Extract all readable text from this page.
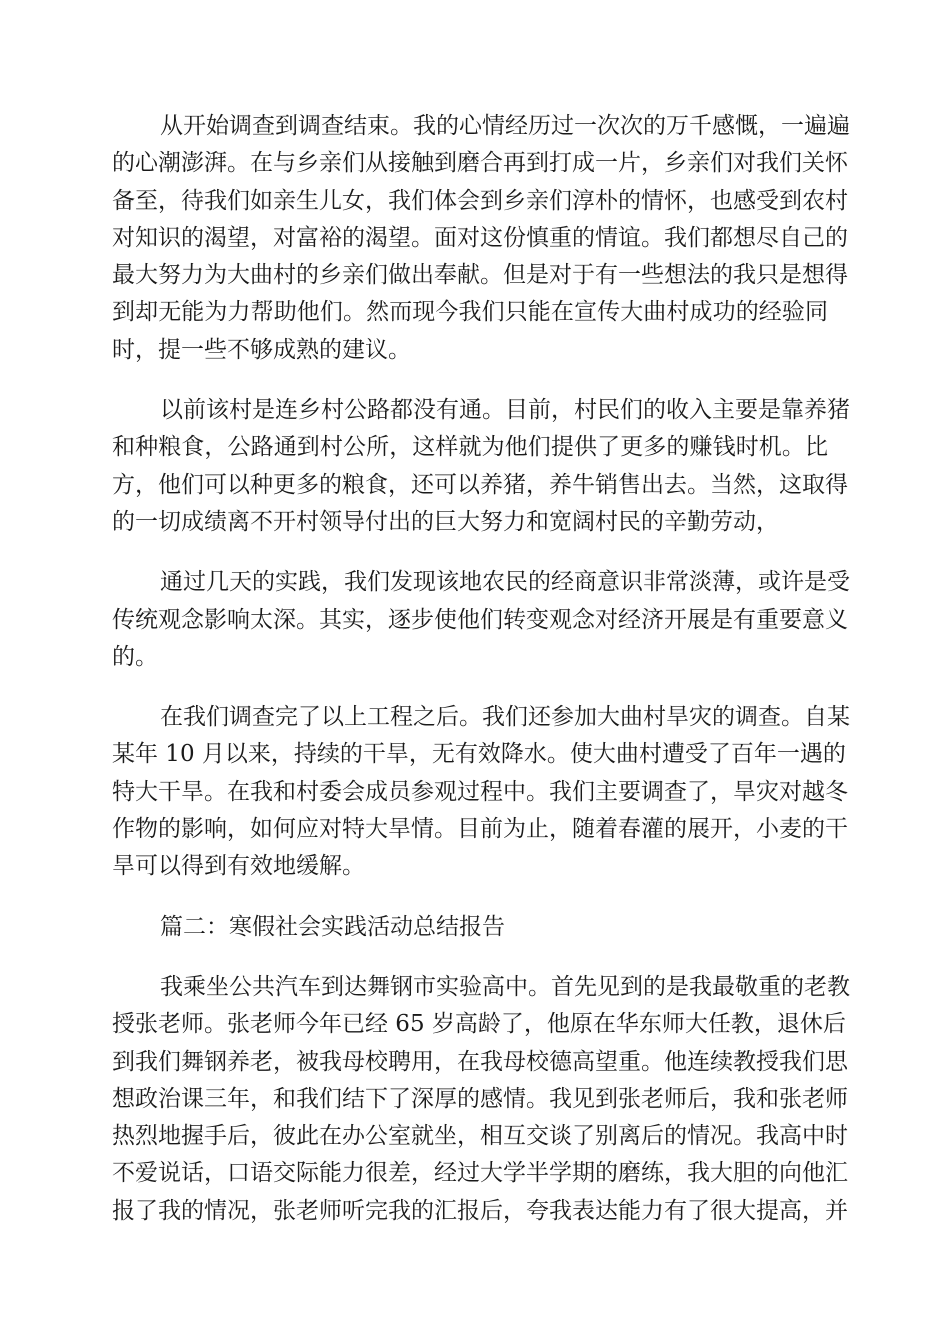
从开始调查到调查结束。我的心情经历过一次次的万千感慨，一遍遍
的心潮澎湃。在与乡亲们从接触到磨合再到打成一片，乡亲们对我们关怀
备至，待我们如亲生儿女，我们体会到乡亲们淳朴的情怀，也感受到农村
对知识的渴望，对富裕的渴望。面对这份慎重的情谊。我们都想尽自己的
最大努力为大曲村的乡亲们做出奉献。但是对于有一些想法的我只是想得
到却无能为力帮助他们。然而现今我们只能在宣传大曲村成功的经验同
时，提一些不够成熟的建议。
以前该村是连乡村公路都没有通。目前，村民们的收入主要是靠养猪
和种粮食，公路通到村公所，这样就为他们提供了更多的赚钱时机。比
方，他们可以种更多的粮食，还可以养猪，养牛销售出去。当然，这取得
的一切成绩离不开村领导付出的巨大努力和宽阔村民的辛勤劳动，
通过几天的实践，我们发现该地农民的经商意识非常淡薄，或许是受
传统观念影响太深。其实，逐步使他们转变观念对经济开展是有重要意义
的。
在我们调查完了以上工程之后。我们还参加大曲村旱灾的调查。自某
某年 10 月以来，持续的干旱，无有效降水。使大曲村遭受了百年一遇的
特大干旱。在我和村委会成员参观过程中。我们主要调查了，旱灾对越冬
作物的影响，如何应对特大旱情。目前为止，随着春灌的展开，小麦的干
旱可以得到有效地缓解。
篇二：寒假社会实践活动总结报告
我乘坐公共汽车到达舞钢市实验高中。首先见到的是我最敬重的老教
授张老师。张老师今年已经 65 岁高龄了，他原在华东师大任教，退休后
到我们舞钢养老，被我母校聘用，在我母校德高望重。他连续教授我们思
想政治课三年，和我们结下了深厚的感情。我见到张老师后，我和张老师
热烈地握手后，彼此在办公室就坐，相互交谈了别离后的情况。我高中时
不爱说话，口语交际能力很差，经过大学半学期的磨练，我大胆的向他汇
报了我的情况，张老师听完我的汇报后，夸我表达能力有了很大提高，并
